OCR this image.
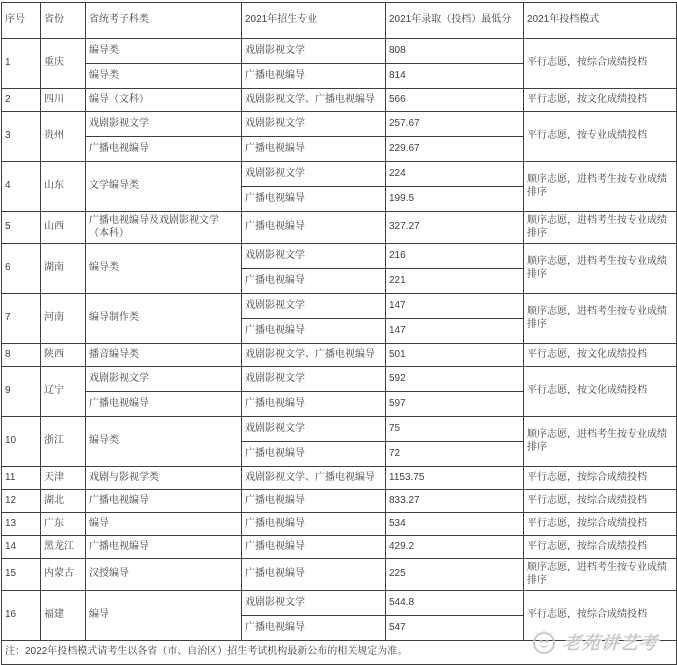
序号	省份	省统考子科类	2021年招生专业	2021年录取（投档）最低分	2021年投档模式
1	重庆	编导类	戏剧影视文学	808	平行志愿，按综合成绩投档
		编导类	广播电视编导	814	
2	四川	编导（文科）	戏剧影视文学、广播电视编导	566	平行志愿，按文化成绩投档
3	贵州	戏剧影视文学	戏剧影视文学	257.67	平行志愿，按专业成绩投档
		广播电视编导	广播电视编导	229.67	
4	山东	文学编导类	戏剧影视文学	224	顺序志愿，进档考生按专业成绩排序
			广播电视编导	199.5	
5	山西	广播电视编导及戏剧影视文学（本科）	广播电视编导	327.27	顺序志愿，进档考生按专业成绩排序
6	湖南	编导类	戏剧影视文学	216	顺序志愿，进档考生按专业成绩排序
			广播电视编导	221	
7	河南	编导制作类	戏剧影视文学	147	顺序志愿，进档考生按专业成绩排序
			广播电视编导	147	
8	陕西	播音编导类	戏剧影视文学、广播电视编导	501	平行志愿，按文化成绩投档
9	辽宁	戏剧影视文学	戏剧影视文学	592	平行志愿，按文化成绩投档
		广播电视编导	广播电视编导	597	
10	浙江	编导类	戏剧影视文学	75	顺序志愿，进档考生按专业成绩排序
			广播电视编导	72	
11	天津	戏剧与影视学类	戏剧影视文学、广播电视编导	1153.75	平行志愿，按综合成绩投档
12	湖北	广播电视编导	广播电视编导	833.27	平行志愿，按综合成绩投档
13	广东	编导	广播电视编导	534	平行志愿，按综合成绩投档
14	黑龙江	广播电视编导	广播电视编导	429.2	平行志愿，按综合成绩投档
15	内蒙古	汉授编导	广播电视编导	225	顺序志愿，进档考生按专业成绩排序
16	福建	编导	戏剧影视文学	544.8	平行志愿，按综合成绩投档
			广播电视编导	547	
注：2022年投档模式请考生以各省（市、自治区）招生考试机构最新公布的相关规定为准。						老苑讲艺考
